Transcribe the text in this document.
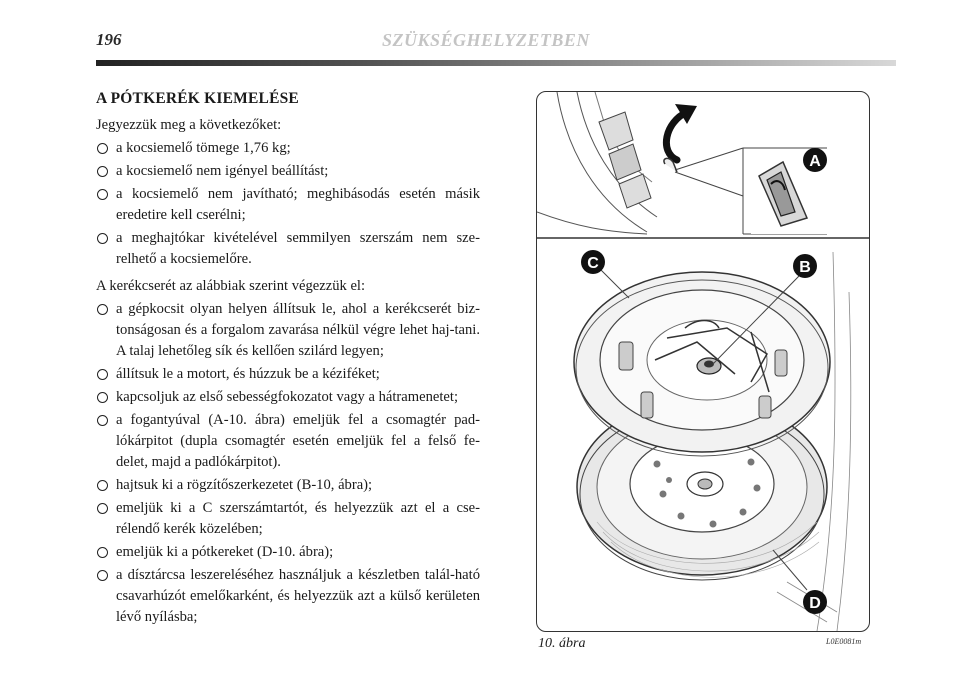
196	SZÜKSÉGHELYZETBEN
A PÓTKERÉK KIEMELÉSE
Jegyezzük meg a következőket:
a kocsiemelő tömege 1,76 kg;
a kocsiemelő nem igényel beállítást;
a kocsiemelő nem javítható; meghibásodás esetén másik eredetire kell cserélni;
a meghajtókar kivételével semmilyen szerszám nem sze-relhető a kocsiemelőre.
A kerékcserét az alábbiak szerint végezzük el:
a gépkocsit olyan helyen állítsuk le, ahol a kerékcserét biz-tonságosan és a forgalom zavarása nélkül végre lehet haj-tani. A talaj lehetőleg sík és kellően szilárd legyen;
állítsuk le a motort, és húzzuk be a kéziféket;
kapcsoljuk az első sebességfokozatot vagy a hátramenetet;
a fogantyúval (A-10. ábra) emeljük fel a csomagtér pad-lókárpitot (dupla csomagtér esetén emeljük fel a felső fe-delet, majd a padlókárpitot).
hajtsuk ki a rögzítőszerkezetet (B-10, ábra);
emeljük ki a C szerszámtartót, és helyezzük azt el a cse-rélendő kerék közelében;
emeljük ki a pótkereket (D-10. ábra);
a dísztárcsa leszereléséhez használjuk a készletben talál-ható csavarhúzót emelőkarként, és helyezzük azt a külső kerületen lévő nyílásba;
A
B
C
D
10. ábra	L0E0081m
